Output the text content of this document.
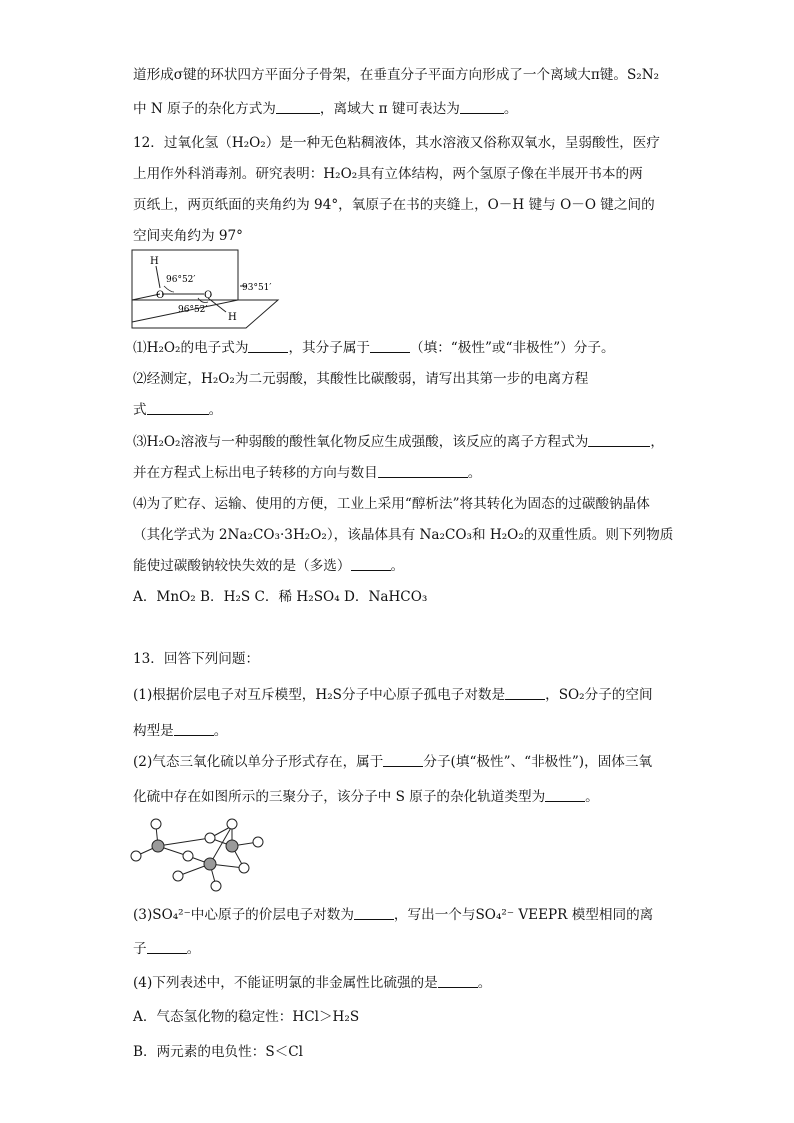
道形成σ键的环状四方平面分子骨架，在垂直分子平面方向形成了一个离域大π键。S₂N₂
中 N 原子的杂化方式为	，离域大 π 键可表达为	。
12．过氧化氢（H₂O₂）是一种无色粘稠液体，其水溶液又俗称双氧水，呈弱酸性，医疗
上用作外科消毒剂。研究表明：H₂O₂具有立体结构，两个氢原子像在半展开书本的两
页纸上，两页纸面的夹角约为 94°，氧原子在书的夹缝上，O－H 键与 O－O 键之间的
空间夹角约为 97°
H
O	O
H
96°52′
96°52′
93°51′
⑴H₂O₂的电子式为	，其分子属于	（填：“极性”或“非极性”）分子。
⑵经测定，H₂O₂为二元弱酸，其酸性比碳酸弱，请写出其第一步的电离方程
式	。
⑶H₂O₂溶液与一种弱酸的酸性氧化物反应生成强酸，该反应的离子方程式为	，
并在方程式上标出电子转移的方向与数目	。
⑷为了贮存、运输、使用的方便，工业上采用“醇析法”将其转化为固态的过碳酸钠晶体
（其化学式为 2Na₂CO₃·3H₂O₂），该晶体具有 Na₂CO₃和 H₂O₂的双重性质。则下列物质
能使过碳酸钠较快失效的是（多选）	。
A．MnO₂ B．H₂S C．稀 H₂SO₄ D．NaHCO₃
13．回答下列问题：
(1)根据价层电子对互斥模型，H₂S分子中心原子孤电子对数是	，SO₂分子的空间
构型是	。
(2)气态三氧化硫以单分子形式存在，属于	分子(填“极性”、“非极性”)，固体三氧
化硫中存在如图所示的三聚分子，该分子中 S 原子的杂化轨道类型为	。
(3)SO₄²⁻中心原子的价层电子对数为	，写出一个与SO₄²⁻ VEEPR 模型相同的离
子	。
(4)下列表述中，不能证明氯的非金属性比硫强的是	。
A．气态氢化物的稳定性：HCl＞H₂S
B．两元素的电负性：S＜Cl
